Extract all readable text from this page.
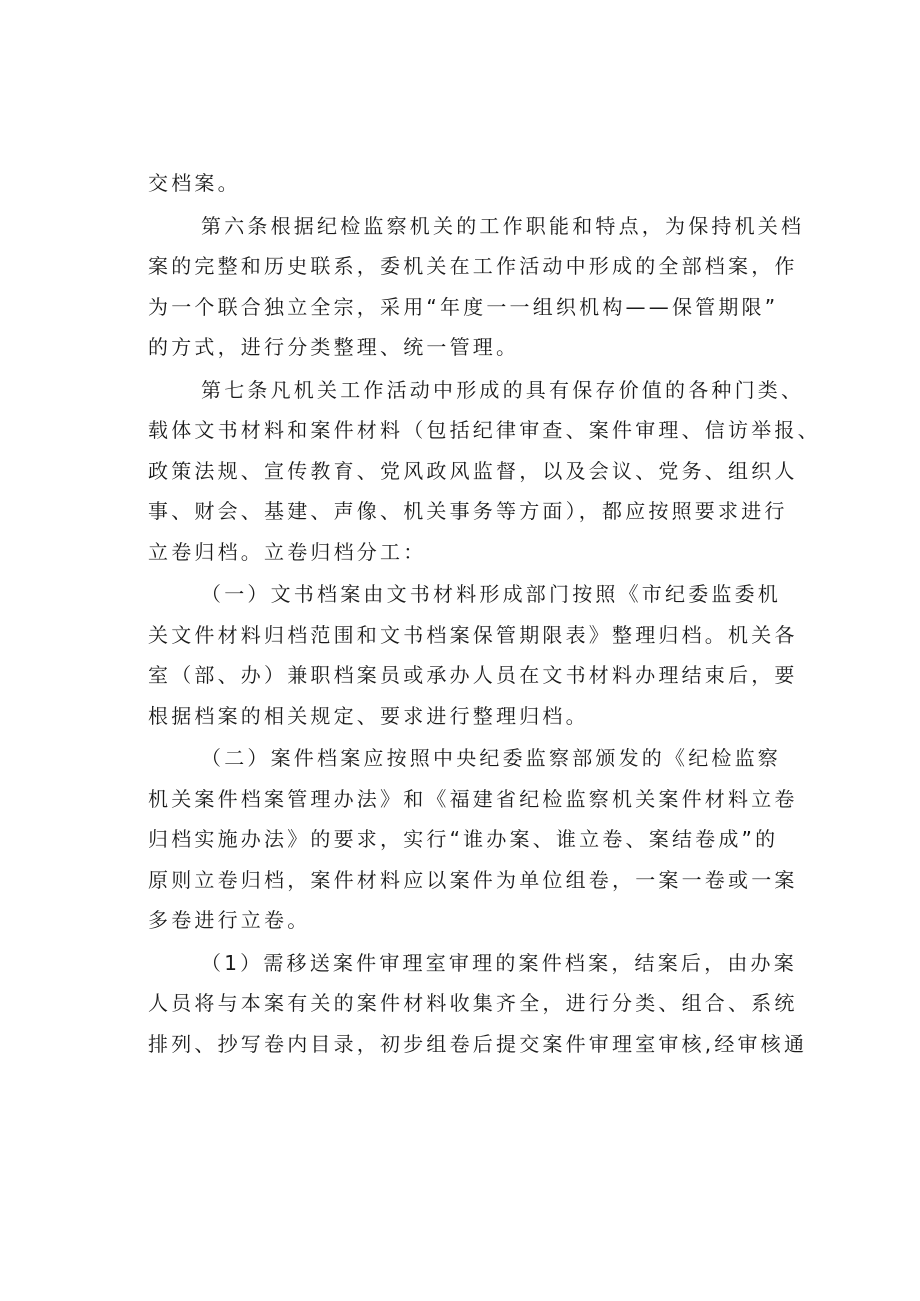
交档案。
第六条根据纪检监察机关的工作职能和特点，为保持机关档
案的完整和历史联系，委机关在工作活动中形成的全部档案，作
为一个联合独立全宗，采用“年度一一组织机构——保管期限”
的方式，进行分类整理、统一管理。
第七条凡机关工作活动中形成的具有保存价值的各种门类、
载体文书材料和案件材料（包括纪律审查、案件审理、信访举报、
政策法规、宣传教育、党风政风监督，以及会议、党务、组织人
事、财会、基建、声像、机关事务等方面），都应按照要求进行
立卷归档。立卷归档分工：
（一）文书档案由文书材料形成部门按照《市纪委监委机
关文件材料归档范围和文书档案保管期限表》整理归档。机关各
室（部、办）兼职档案员或承办人员在文书材料办理结束后，要
根据档案的相关规定、要求进行整理归档。
（二）案件档案应按照中央纪委监察部颁发的《纪检监察
机关案件档案管理办法》和《福建省纪检监察机关案件材料立卷
归档实施办法》的要求，实行“谁办案、谁立卷、案结卷成”的
原则立卷归档，案件材料应以案件为单位组卷，一案一卷或一案
多卷进行立卷。
（1）需移送案件审理室审理的案件档案，结案后，由办案
人员将与本案有关的案件材料收集齐全，进行分类、组合、系统
排列、抄写卷内目录，初步组卷后提交案件审理室审核,经审核通
